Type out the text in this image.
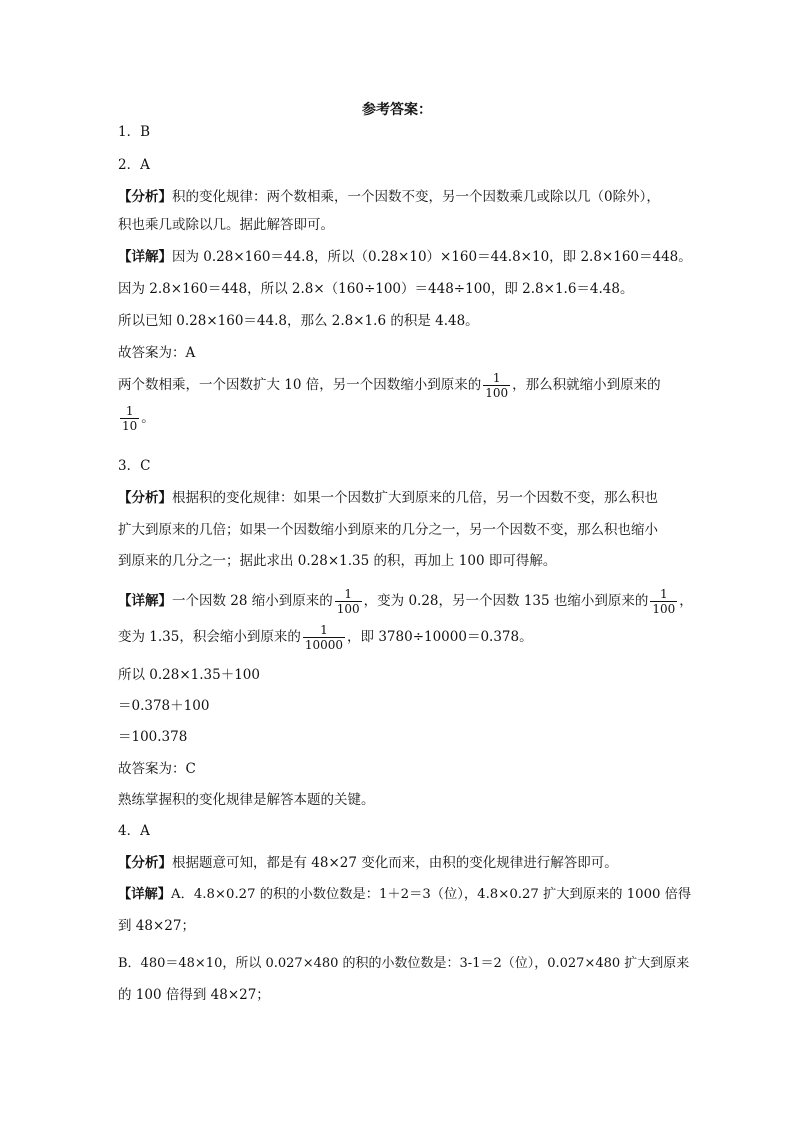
参考答案：
1．B
2．A
【分析】积的变化规律：两个数相乘，一个因数不变，另一个因数乘几或除以几（0除外），
积也乘几或除以几。据此解答即可。
【详解】因为 0.28×160＝44.8，所以（0.28×10）×160＝44.8×10，即 2.8×160＝448。
因为 2.8×160＝448，所以 2.8×（160÷100）＝448÷100，即 2.8×1.6＝4.48。
所以已知 0.28×160＝44.8，那么 2.8×1.6 的积是 4.48。
故答案为：A
两个数相乘，一个因数扩大 10 倍，另一个因数缩小到原来的 $\frac{1}{100}$ ，那么积就缩小到原来的
$\frac{1}{10}$ 。
3．C
【分析】根据积的变化规律：如果一个因数扩大到原来的几倍，另一个因数不变，那么积也
扩大到原来的几倍；如果一个因数缩小到原来的几分之一，另一个因数不变，那么积也缩小
到原来的几分之一；据此求出 0.28×1.35 的积，再加上 100 即可得解。
【详解】一个因数 28 缩小到原来的 $\frac{1}{100}$ ，变为 0.28，另一个因数 135 也缩小到原来的 $\frac{1}{100}$ ，
变为 1.35，积会缩小到原来的 $\frac{1}{10000}$ ，即 3780÷10000＝0.378。
所以 0.28×1.35＋100
＝0.378＋100
＝100.378
故答案为：C
熟练掌握积的变化规律是解答本题的关键。
4．A
【分析】根据题意可知，都是有 48×27 变化而来，由积的变化规律进行解答即可。
【详解】A．4.8×0.27 的积的小数位数是：1＋2＝3（位），4.8×0.27 扩大到原来的 1000 倍得
到 48×27；
B．480＝48×10，所以 0.027×480 的积的小数位数是：3-1＝2（位），0.027×480 扩大到原来
的 100 倍得到 48×27；
